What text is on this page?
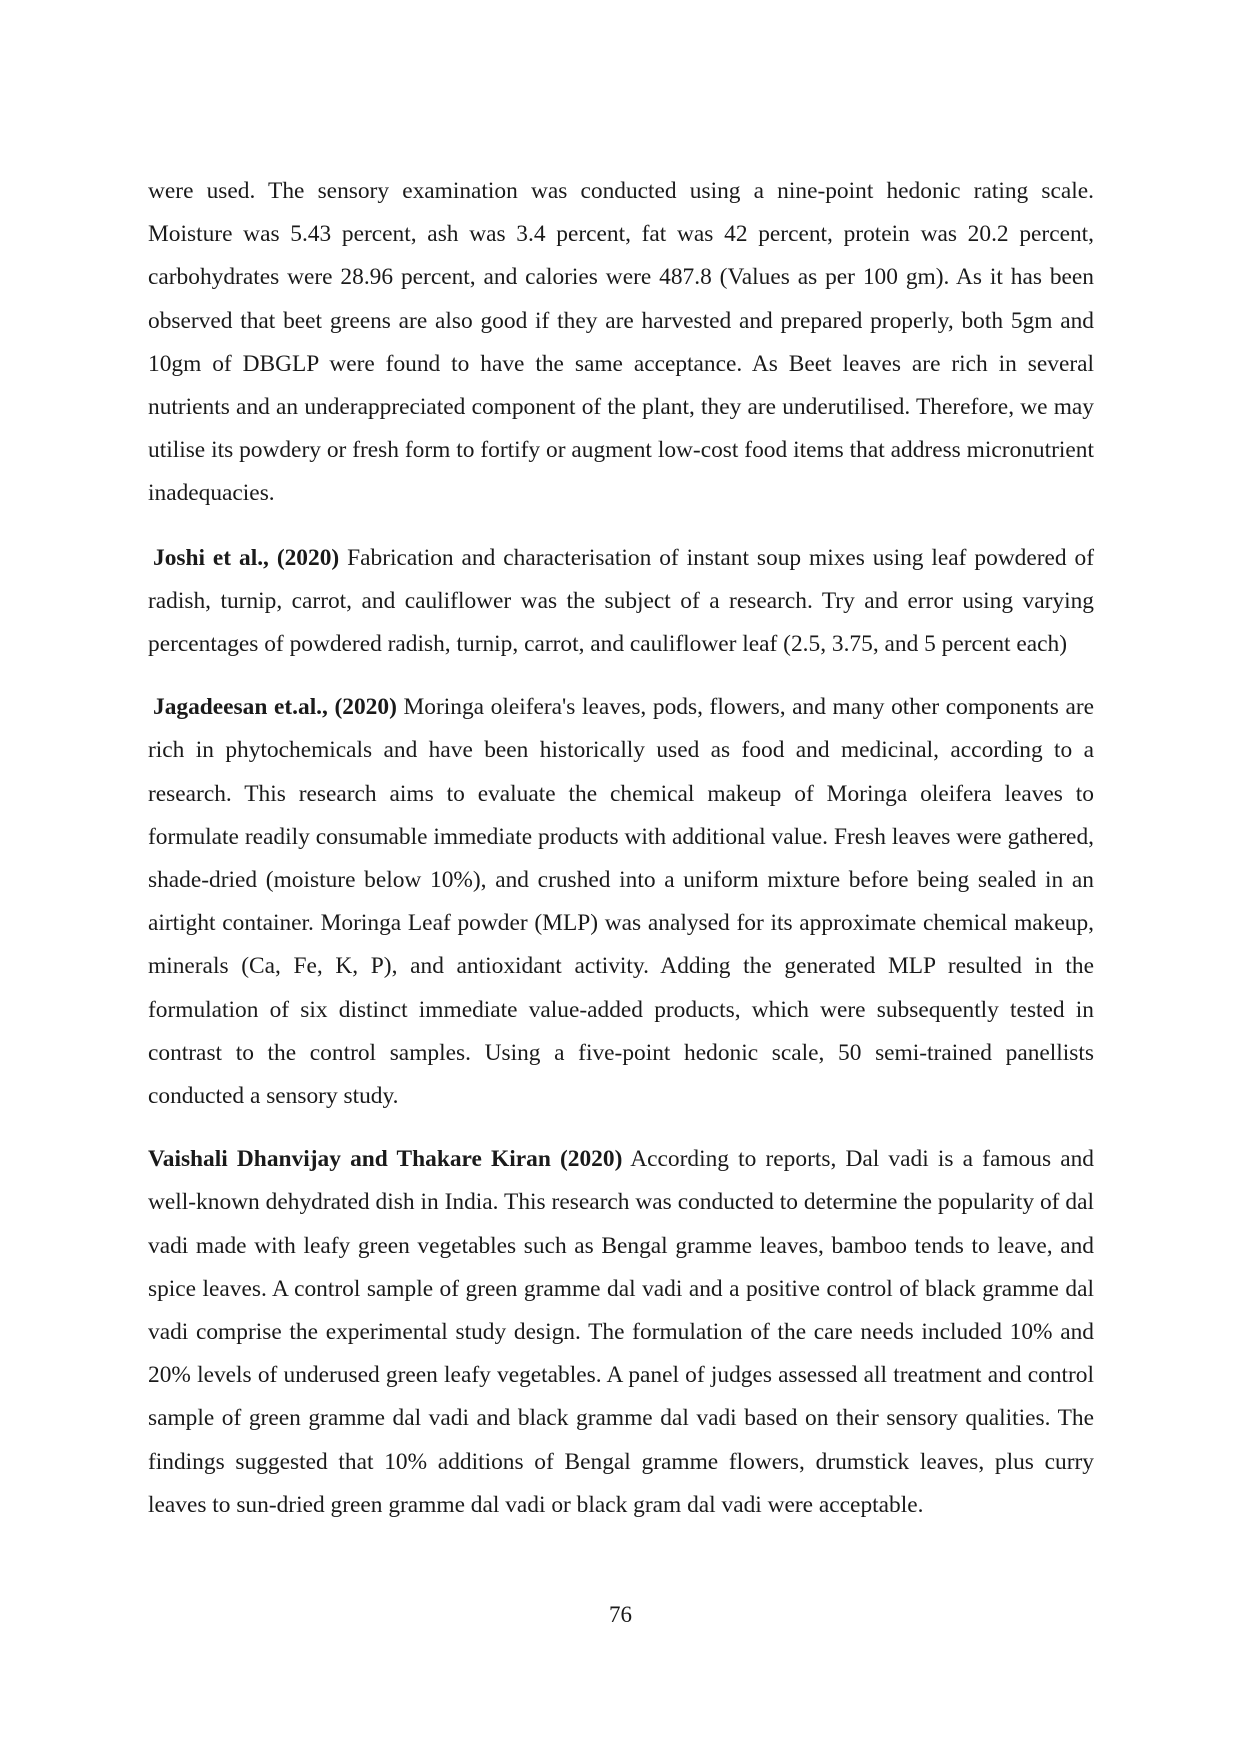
were used. The sensory examination was conducted using a nine-point hedonic rating scale. Moisture was 5.43 percent, ash was 3.4 percent, fat was 42 percent, protein was 20.2 percent, carbohydrates were 28.96 percent, and calories were 487.8 (Values as per 100 gm). As it has been observed that beet greens are also good if they are harvested and prepared properly, both 5gm and 10gm of DBGLP were found to have the same acceptance. As Beet leaves are rich in several nutrients and an underappreciated component of the plant, they are underutilised. Therefore, we may utilise its powdery or fresh form to fortify or augment low-cost food items that address micronutrient inadequacies.

Joshi et al., (2020) Fabrication and characterisation of instant soup mixes using leaf powdered of radish, turnip, carrot, and cauliflower was the subject of a research. Try and error using varying percentages of powdered radish, turnip, carrot, and cauliflower leaf (2.5, 3.75, and 5 percent each)

Jagadeesan et.al., (2020) Moringa oleifera's leaves, pods, flowers, and many other components are rich in phytochemicals and have been historically used as food and medicinal, according to a research. This research aims to evaluate the chemical makeup of Moringa oleifera leaves to formulate readily consumable immediate products with additional value. Fresh leaves were gathered, shade-dried (moisture below 10%), and crushed into a uniform mixture before being sealed in an airtight container. Moringa Leaf powder (MLP) was analysed for its approximate chemical makeup, minerals (Ca, Fe, K, P), and antioxidant activity. Adding the generated MLP resulted in the formulation of six distinct immediate value-added products, which were subsequently tested in contrast to the control samples. Using a five-point hedonic scale, 50 semi-trained panellists conducted a sensory study.

Vaishali Dhanvijay and Thakare Kiran (2020) According to reports, Dal vadi is a famous and well-known dehydrated dish in India. This research was conducted to determine the popularity of dal vadi made with leafy green vegetables such as Bengal gramme leaves, bamboo tends to leave, and spice leaves. A control sample of green gramme dal vadi and a positive control of black gramme dal vadi comprise the experimental study design. The formulation of the care needs included 10% and 20% levels of underused green leafy vegetables. A panel of judges assessed all treatment and control sample of green gramme dal vadi and black gramme dal vadi based on their sensory qualities. The findings suggested that 10% additions of Bengal gramme flowers, drumstick leaves, plus curry leaves to sun-dried green gramme dal vadi or black gram dal vadi were acceptable.

76
